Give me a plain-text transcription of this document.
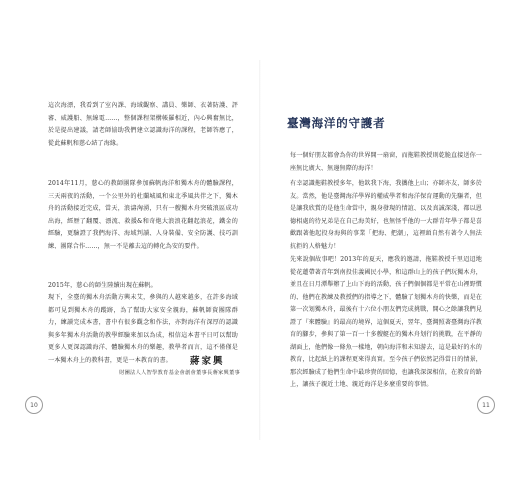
這次海漂，我看到了室內課、海域觀察、講員、樂師、衣著防護、評審、威護船、無線電……，整個課程架構帳羅相近，內心興奮無比，於是提出建議，請老師協助我們建立認識海洋的課程，老師答應了，從此蘇帆和慈心結了海緣。

2014年11月，慈心的教師團隊參加蘇帆海洋和獨木舟的體驗課程，三天兩夜的活動，一个公里外的杜蘭城風和東北季風共伴之下，獨木舟的活動接近完成，當天，浪濤洶湧，只有一艘獨木舟突破浪區成功出海，經歷了翻覆、漂流、救援&和奇炮大浪浪花翻起浪花，鐵金的經驗，更驗證了我們海洋、海域判讀、人身裝備、安全防護、技巧訓練、團隊合作……，無一不是離去這的轉化為安的要件。

2015年，慈心的師生陸續出現在蘇帆。

現下，全臺的獨木舟活動方興未艾，參與的人越來越多，在許多海域都可見到獨木舟的蹤跡，為了幫助大家安全親海，蘇帆師資團隊群力，練讀完成本書，書中有很多觀念和作法，亦對海洋有深厚的認識與多年獨木舟活動的教學經驗來加以為成，相信這本書平日可以幫助更多人更深認識海洋、體驗獨木舟的樂趣，教學者而言，這不僅僅是一本獨木舟上的教科書，更是一本教育的書。	蔣家興
財團法人人智學教育基金會創會董事長蔣家興董事
10
臺灣海洋的守護者

每一個好朋友都會為你的世界開一扇窗，而拖鞋教授則乾脆直接送你一座無比廣大、無邊無際的海洋！

有幸認識拖鞋教授多年，他欽我下海，我攜他上山；亦師亦友，師多於友。當然，他是臺灣海洋學界的權威學者和海洋保育運動的先驅者，但是讓我欣賞的是他生命當中，親身發現的情誼、以及真誠深淺，都以恩德相處的待兄弟是在自己海美好，也無怪乎他的一大群青年學子都是喜歡跟著他起投身海與的事業「把海、把潮」，這裡頭自然有著令人無法抗拒的人格魅力！

先來說個故事吧！2013年的夏天，應我的邀請，拖鞋教授千里迢迢地從花蓮帶著青年到南投佳義國民小學，和這群山上的孩子們玩獨木舟，並且在日月潭舉辦了上山下海的活動，孩子們個個都是平常在山裡野慣的、他們在教練及教授們的指導之下，體驗了划獨木舟的快樂，而是在第一次划獨木舟，最後有十六位小朋友們完成挑戰，開心之餘讓我們見證了『來體驗』的最高的境界，這個夏天，翌年，臺灣照著臺灣海洋教育的腳步，參與了第一百一十多艘艇在的獨木舟划行的挑戰，在平靜的湖面上，他們像一條魚一樣地，朝向海洋和未知游去，這是最好的水的教育，比起紙上的課程更來得真實。至今孩子們依然記得當日的情景，那次經驗成了他們生命中最珍貴的回憶，也讓我深深相信，在教育的路上，讓孩子親近土地、親近海洋是多麼重要的事情。

11
